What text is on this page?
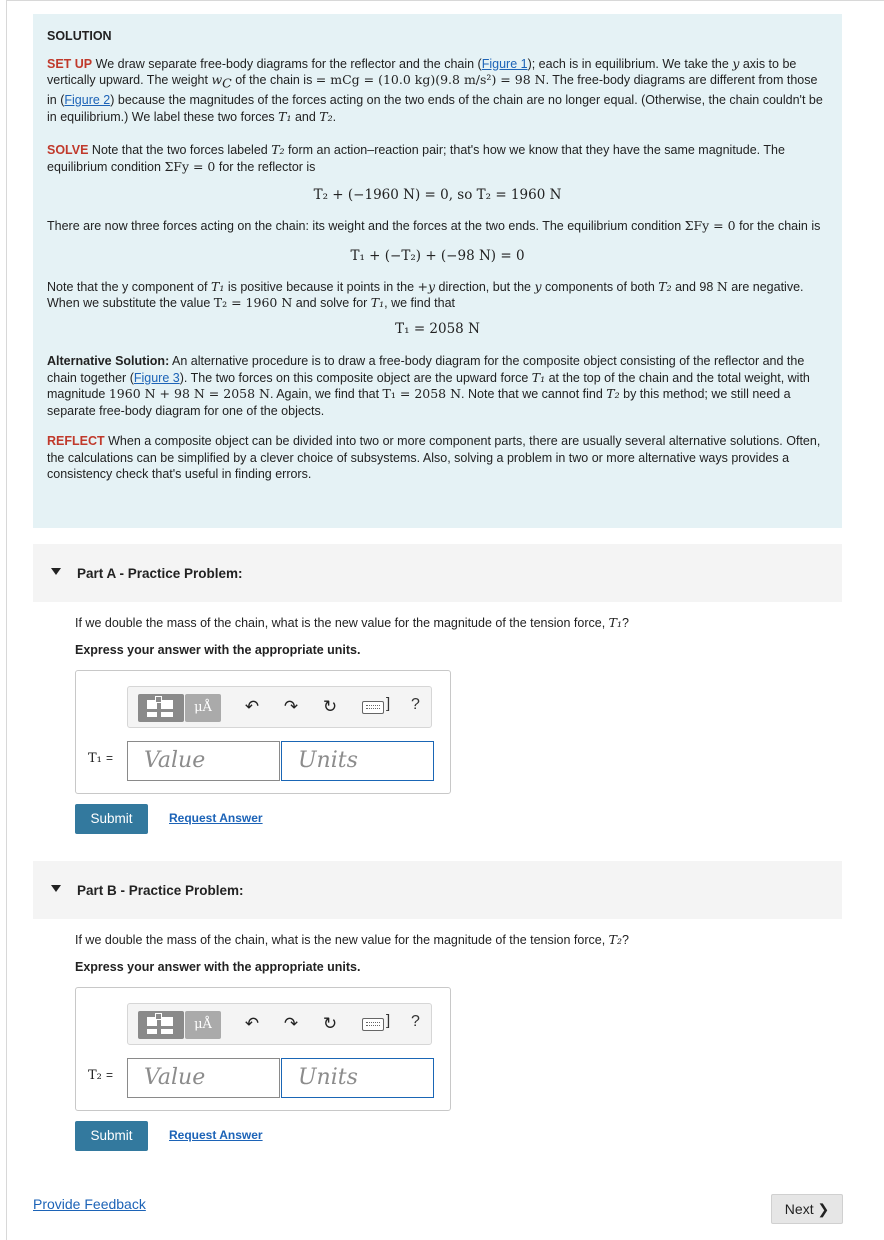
SOLUTION

SET UP We draw separate free-body diagrams for the reflector and the chain (Figure 1); each is in equilibrium. We take the y axis to be vertically upward. The weight $w_C$ of the chain is = mCg = (10.0 kg)(9.8 m/s²) = 98 N. The free-body diagrams are different from those in (Figure 2) because the magnitudes of the forces acting on the two ends of the chain are no longer equal. (Otherwise, the chain couldn't be in equilibrium.) We label these two forces T₁ and T₂.

SOLVE Note that the two forces labeled T₂ form an action–reaction pair; that's how we know that they have the same magnitude. The equilibrium condition ΣFy = 0 for the reflector is

T₂ + (−1960 N) = 0, so T₂ = 1960 N

There are now three forces acting on the chain: its weight and the forces at the two ends. The equilibrium condition ΣFy = 0 for the chain is

T₁ + (−T₂) + (−98 N) = 0

Note that the y component of T₁ is positive because it points in the +y direction, but the y components of both T₂ and 98 N are negative. When we substitute the value T₂ = 1960 N and solve for T₁, we find that

T₁ = 2058 N

Alternative Solution: An alternative procedure is to draw a free-body diagram for the composite object consisting of the reflector and the chain together (Figure 3). The two forces on this composite object are the upward force T₁ at the top of the chain and the total weight, with magnitude 1960 N + 98 N = 2058 N. Again, we find that T₁ = 2058 N. Note that we cannot find T₂ by this method; we still need a separate free-body diagram for one of the objects.

REFLECT When a composite object can be divided into two or more component parts, there are usually several alternative solutions. Often, the calculations can be simplified by a clever choice of subsystems. Also, solving a problem in two or more alternative ways provides a consistency check that's useful in finding errors.

Part A - Practice Problem:
If we double the mass of the chain, what is the new value for the magnitude of the tension force, T₁?
Express your answer with the appropriate units.
μÅ	↶ ↷ ↻	] ?
T₁ =	Value	Units
Submit	Request Answer
Part B - Practice Problem:
If we double the mass of the chain, what is the new value for the magnitude of the tension force, T₂?
Express your answer with the appropriate units.
μÅ	↶ ↷ ↻	] ?
T₂ =	Value	Units
Submit	Request Answer
Provide Feedback	Next ❯
